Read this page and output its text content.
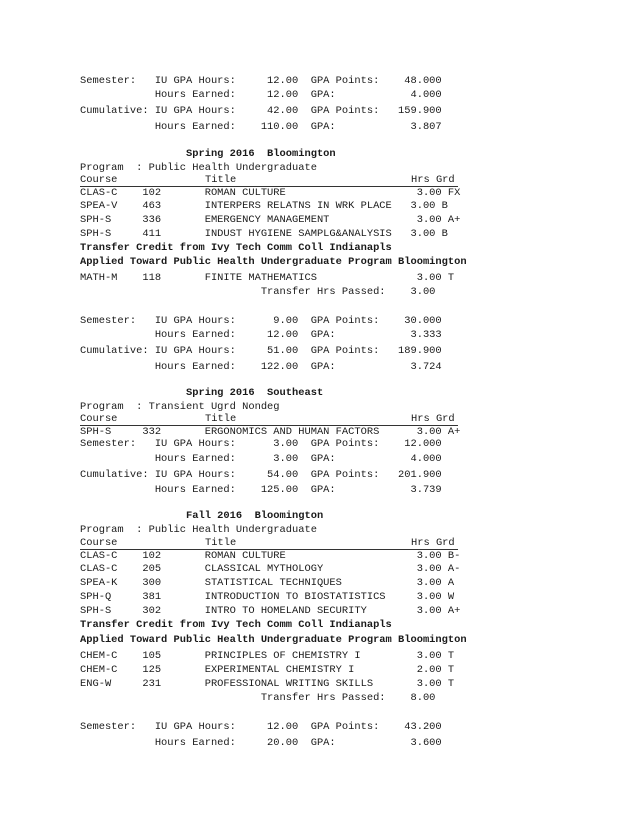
Semester:   IU GPA Hours:     12.00  GPA Points:    48.000
Hours Earned:     12.00  GPA:            4.000
Cumulative: IU GPA Hours:     42.00  GPA Points:   159.900
Hours Earned:    110.00  GPA:            3.807
Spring 2016  Bloomington
Program  : Public Health Undergraduate
Course	Title	Hrs Grd
CLAS-C    102       ROMAN CULTURE                     3.00 FX
SPEA-V    463       INTERPERS RELATNS IN WRK PLACE   3.00 B
SPH-S     336       EMERGENCY MANAGEMENT              3.00 A+
SPH-S     411       INDUST HYGIENE SAMPLG&ANALYSIS   3.00 B
Transfer Credit from Ivy Tech Comm Coll Indianapls
Applied Toward Public Health Undergraduate Program Bloomington
MATH-M    118       FINITE MATHEMATICS                3.00 T
Transfer Hrs Passed:    3.00
Semester:   IU GPA Hours:      9.00  GPA Points:    30.000
Hours Earned:     12.00  GPA:            3.333
Cumulative: IU GPA Hours:     51.00  GPA Points:   189.900
Hours Earned:    122.00  GPA:            3.724
Spring 2016  Southeast
Program  : Transient Ugrd Nondeg
Course	Title	Hrs Grd
SPH-S     332       ERGONOMICS AND HUMAN FACTORS      3.00 A+
Semester:   IU GPA Hours:      3.00  GPA Points:    12.000
Hours Earned:      3.00  GPA:            4.000
Cumulative: IU GPA Hours:     54.00  GPA Points:   201.900
Hours Earned:    125.00  GPA:            3.739
Fall 2016  Bloomington
Program  : Public Health Undergraduate
Course	Title	Hrs Grd
CLAS-C    102       ROMAN CULTURE                     3.00 B-
CLAS-C    205       CLASSICAL MYTHOLOGY               3.00 A-
SPEA-K    300       STATISTICAL TECHNIQUES            3.00 A
SPH-Q     381       INTRODUCTION TO BIOSTATISTICS     3.00 W
SPH-S     302       INTRO TO HOMELAND SECURITY        3.00 A+
Transfer Credit from Ivy Tech Comm Coll Indianapls
Applied Toward Public Health Undergraduate Program Bloomington
CHEM-C    105       PRINCIPLES OF CHEMISTRY I         3.00 T
CHEM-C    125       EXPERIMENTAL CHEMISTRY I          2.00 T
ENG-W     231       PROFESSIONAL WRITING SKILLS       3.00 T
Transfer Hrs Passed:    8.00
Semester:   IU GPA Hours:     12.00  GPA Points:    43.200
Hours Earned:     20.00  GPA:            3.600
